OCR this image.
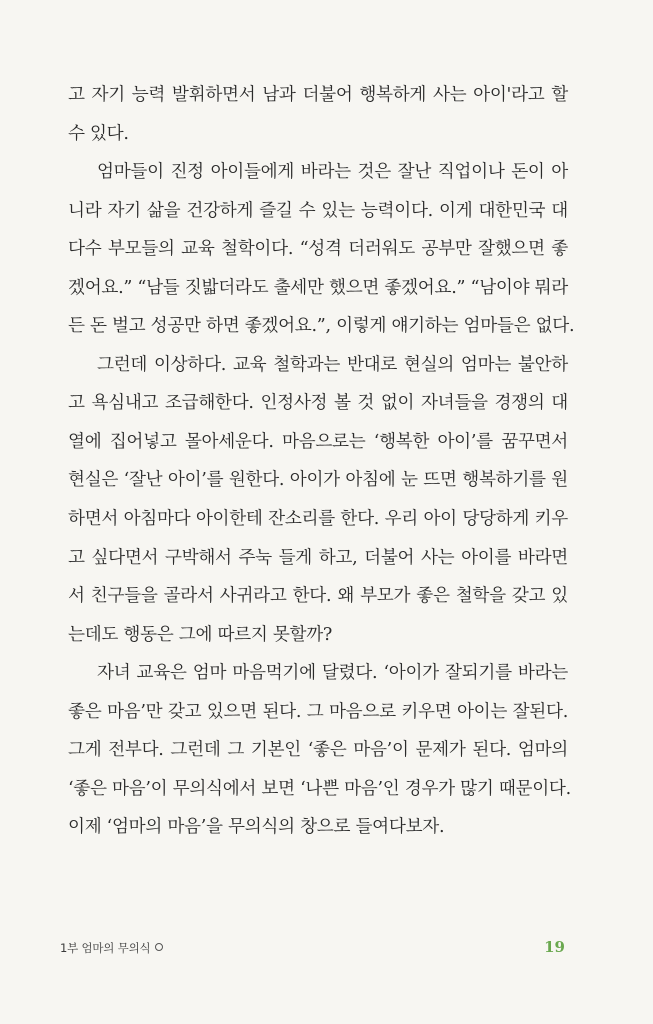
고 자기 능력 발휘하면서 남과 더불어 행복하게 사는 아이'라고 할
수 있다.
엄마들이 진정 아이들에게 바라는 것은 잘난 직업이나 돈이 아
니라 자기 삶을 건강하게 즐길 수 있는 능력이다. 이게 대한민국 대
다수 부모들의 교육 철학이다. “성격 더러워도 공부만 잘했으면 좋
겠어요.” “남들 짓밟더라도 출세만 했으면 좋겠어요.” “남이야 뭐라
든 돈 벌고 성공만 하면 좋겠어요.”, 이렇게 얘기하는 엄마들은 없다.
그런데 이상하다. 교육 철학과는 반대로 현실의 엄마는 불안하
고 욕심내고 조급해한다. 인정사정 볼 것 없이 자녀들을 경쟁의 대
열에 집어넣고 몰아세운다. 마음으로는 ‘행복한 아이’를 꿈꾸면서
현실은 ‘잘난 아이’를 원한다. 아이가 아침에 눈 뜨면 행복하기를 원
하면서 아침마다 아이한테 잔소리를 한다. 우리 아이 당당하게 키우
고 싶다면서 구박해서 주눅 들게 하고, 더불어 사는 아이를 바라면
서 친구들을 골라서 사귀라고 한다. 왜 부모가 좋은 철학을 갖고 있
는데도 행동은 그에 따르지 못할까?
자녀 교육은 엄마 마음먹기에 달렸다. ‘아이가 잘되기를 바라는
좋은 마음’만 갖고 있으면 된다. 그 마음으로 키우면 아이는 잘된다.
그게 전부다. 그런데 그 기본인 ‘좋은 마음’이 문제가 된다. 엄마의
‘좋은 마음’이 무의식에서 보면 ‘나쁜 마음’인 경우가 많기 때문이다.
이제 ‘엄마의 마음’을 무의식의 창으로 들여다보자.
1부 엄마의 무의식	19
